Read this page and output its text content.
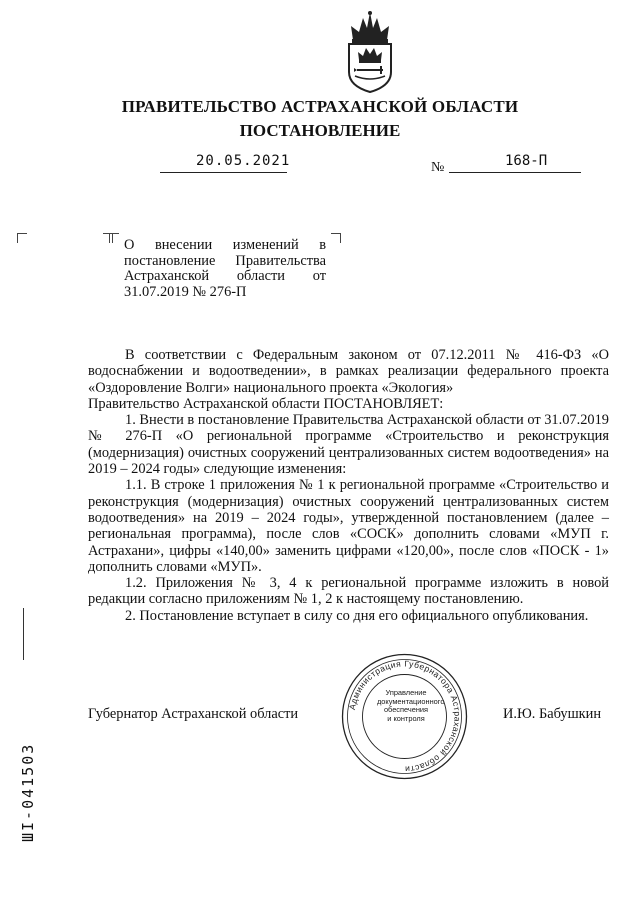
ПРАВИТЕЛЬСТВО АСТРАХАНСКОЙ ОБЛАСТИ
ПОСТАНОВЛЕНИЕ
20.05.2021	№	168-П
О внесении изменений в постановление Правительства Астраханской области от 31.07.2019 № 276-П

В соответствии с Федеральным законом от 07.12.2011 № 416-ФЗ «О водоснабжении и водоотведении», в рамках реализации федерального проекта «Оздоровление Волги» национального проекта «Экология»

Правительство Астраханской области ПОСТАНОВЛЯЕТ:

1. Внести в постановление Правительства Астраханской области от 31.07.2019 № 276-П «О региональной программе «Строительство и реконструкция (модернизация) очистных сооружений централизованных систем водоотведения» на 2019 – 2024 годы» следующие изменения:

1.1. В строке 1 приложения № 1 к региональной программе «Строительство и реконструкция (модернизация) очистных сооружений централизованных систем водоотведения» на 2019 – 2024 годы», утвержденной постановлением (далее – региональная программа), после слов «СОСК» дополнить словами «МУП г. Астрахани», цифры «140,00» заменить цифрами «120,00», после слов «ПОСК - 1» дополнить словами «МУП».

1.2. Приложения № 3, 4 к региональной программе изложить в новой редакции согласно приложениям № 1, 2 к настоящему постановлению.

2. Постановление вступает в силу со дня его официального опубликования.

Губернатор Астраханской области	И.Ю. Бабушкин
Администрация Губернатора Астраханской области
Управление
документационного
обеспечения
и контроля
ШI-041503
